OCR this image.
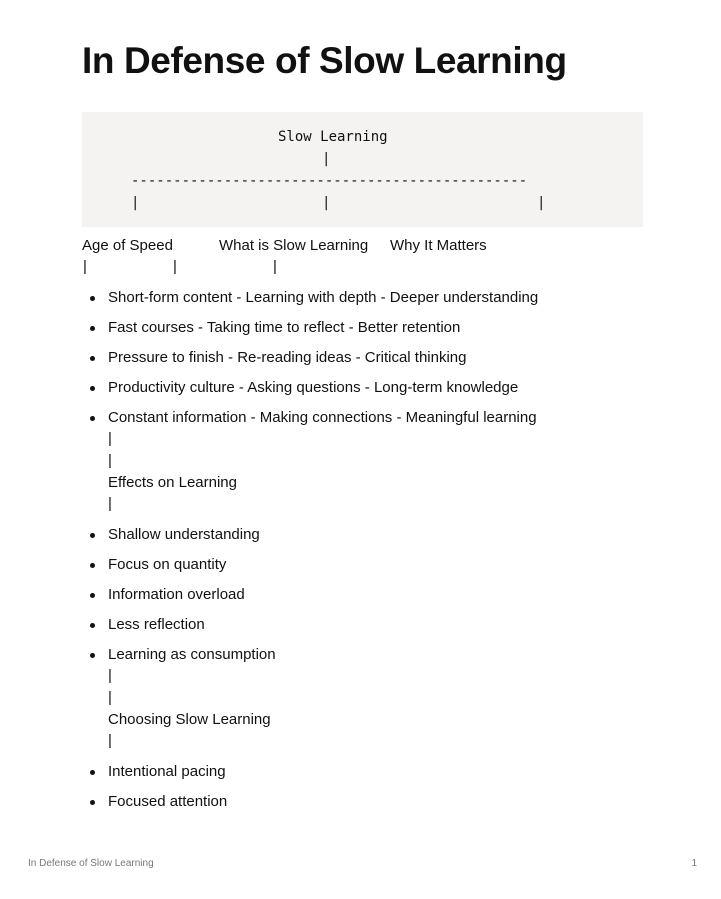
In Defense of Slow Learning
Slow Learning
|
-----------------------------------------------
|	|	|
Age of Speed	What is Slow Learning Why It Matters
|	|	|
Short-form content - Learning with depth - Deeper understanding
Fast courses - Taking time to reflect - Better retention
Pressure to finish - Re-reading ideas - Critical thinking
Productivity culture - Asking questions - Long-term knowledge
Constant information - Making connections - Meaningful learning
|
|
Effects on Learning
|
Shallow understanding
Focus on quantity
Information overload
Less reflection
Learning as consumption
|
|
Choosing Slow Learning
|
Intentional pacing
Focused attention
In Defense of Slow Learning	1
